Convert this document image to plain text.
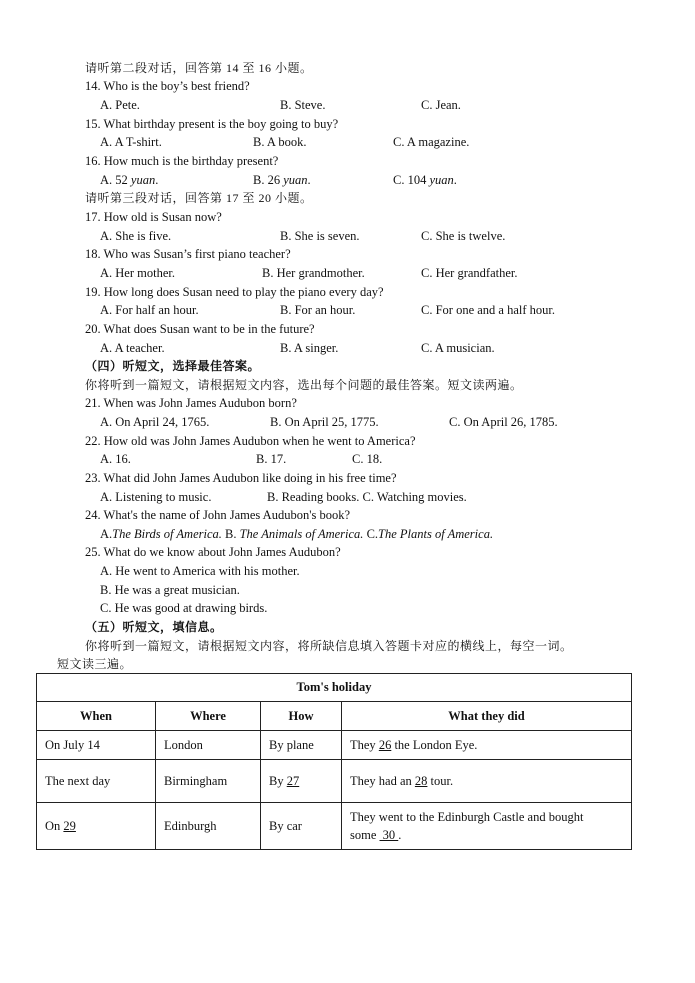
请听第二段对话，回答第 14 至 16 小题。
14. Who is the boy’s best friend?
A. Pete.	B. Steve.	C. Jean.
15. What birthday present is the boy going to buy?
A. A T-shirt.	B. A book.	C. A magazine.
16. How much is the birthday present?
A. 52 yuan.	B. 26 yuan.	C. 104 yuan.
请听第三段对话，回答第 17 至 20 小题。
17. How old is Susan now?
A. She is five.	B. She is seven.	C. She is twelve.
18. Who was Susan’s first piano teacher?
A. Her mother.	B. Her grandmother.	C. Her grandfather.
19. How long does Susan need to play the piano every day?
A. For half an hour.	B. For an hour.	C. For one and a half hour.
20. What does Susan want to be in the future?
A. A teacher.	B. A singer.	C. A musician.
（四）听短文，选择最佳答案。
你将听到一篇短文，请根据短文内容，选出每个问题的最佳答案。短文读两遍。
21. When was John James Audubon born?
A. On April 24, 1765.	B. On April 25, 1775.	C. On April 26, 1785.
22. How old was John James Audubon when he went to America?
A. 16.	B. 17.	C. 18.
23. What did John James Audubon like doing in his free time?
A. Listening to music.	B. Reading books. C. Watching movies.
24. What's the name of John James Audubon's book?
A.The Birds of America. B. The Animals of America. C.The Plants of America.
25. What do we know about John James Audubon?
A. He went to America with his mother.
B. He was a great musician.
C. He was good at drawing birds.
（五）听短文，填信息。
你将听到一篇短文，请根据短文内容，将所缺信息填入答题卡对应的横线上，每空一词。
短文读三遍。
Tom's holiday			
When	Where	How	What they did
On July 14	London	By plane	They 26 the London Eye.
The next day	Birmingham	By 27	They had an 28 tour.
On 29	Edinburgh	By car	They went to the Edinburgh Castle and bought
some  30 .
